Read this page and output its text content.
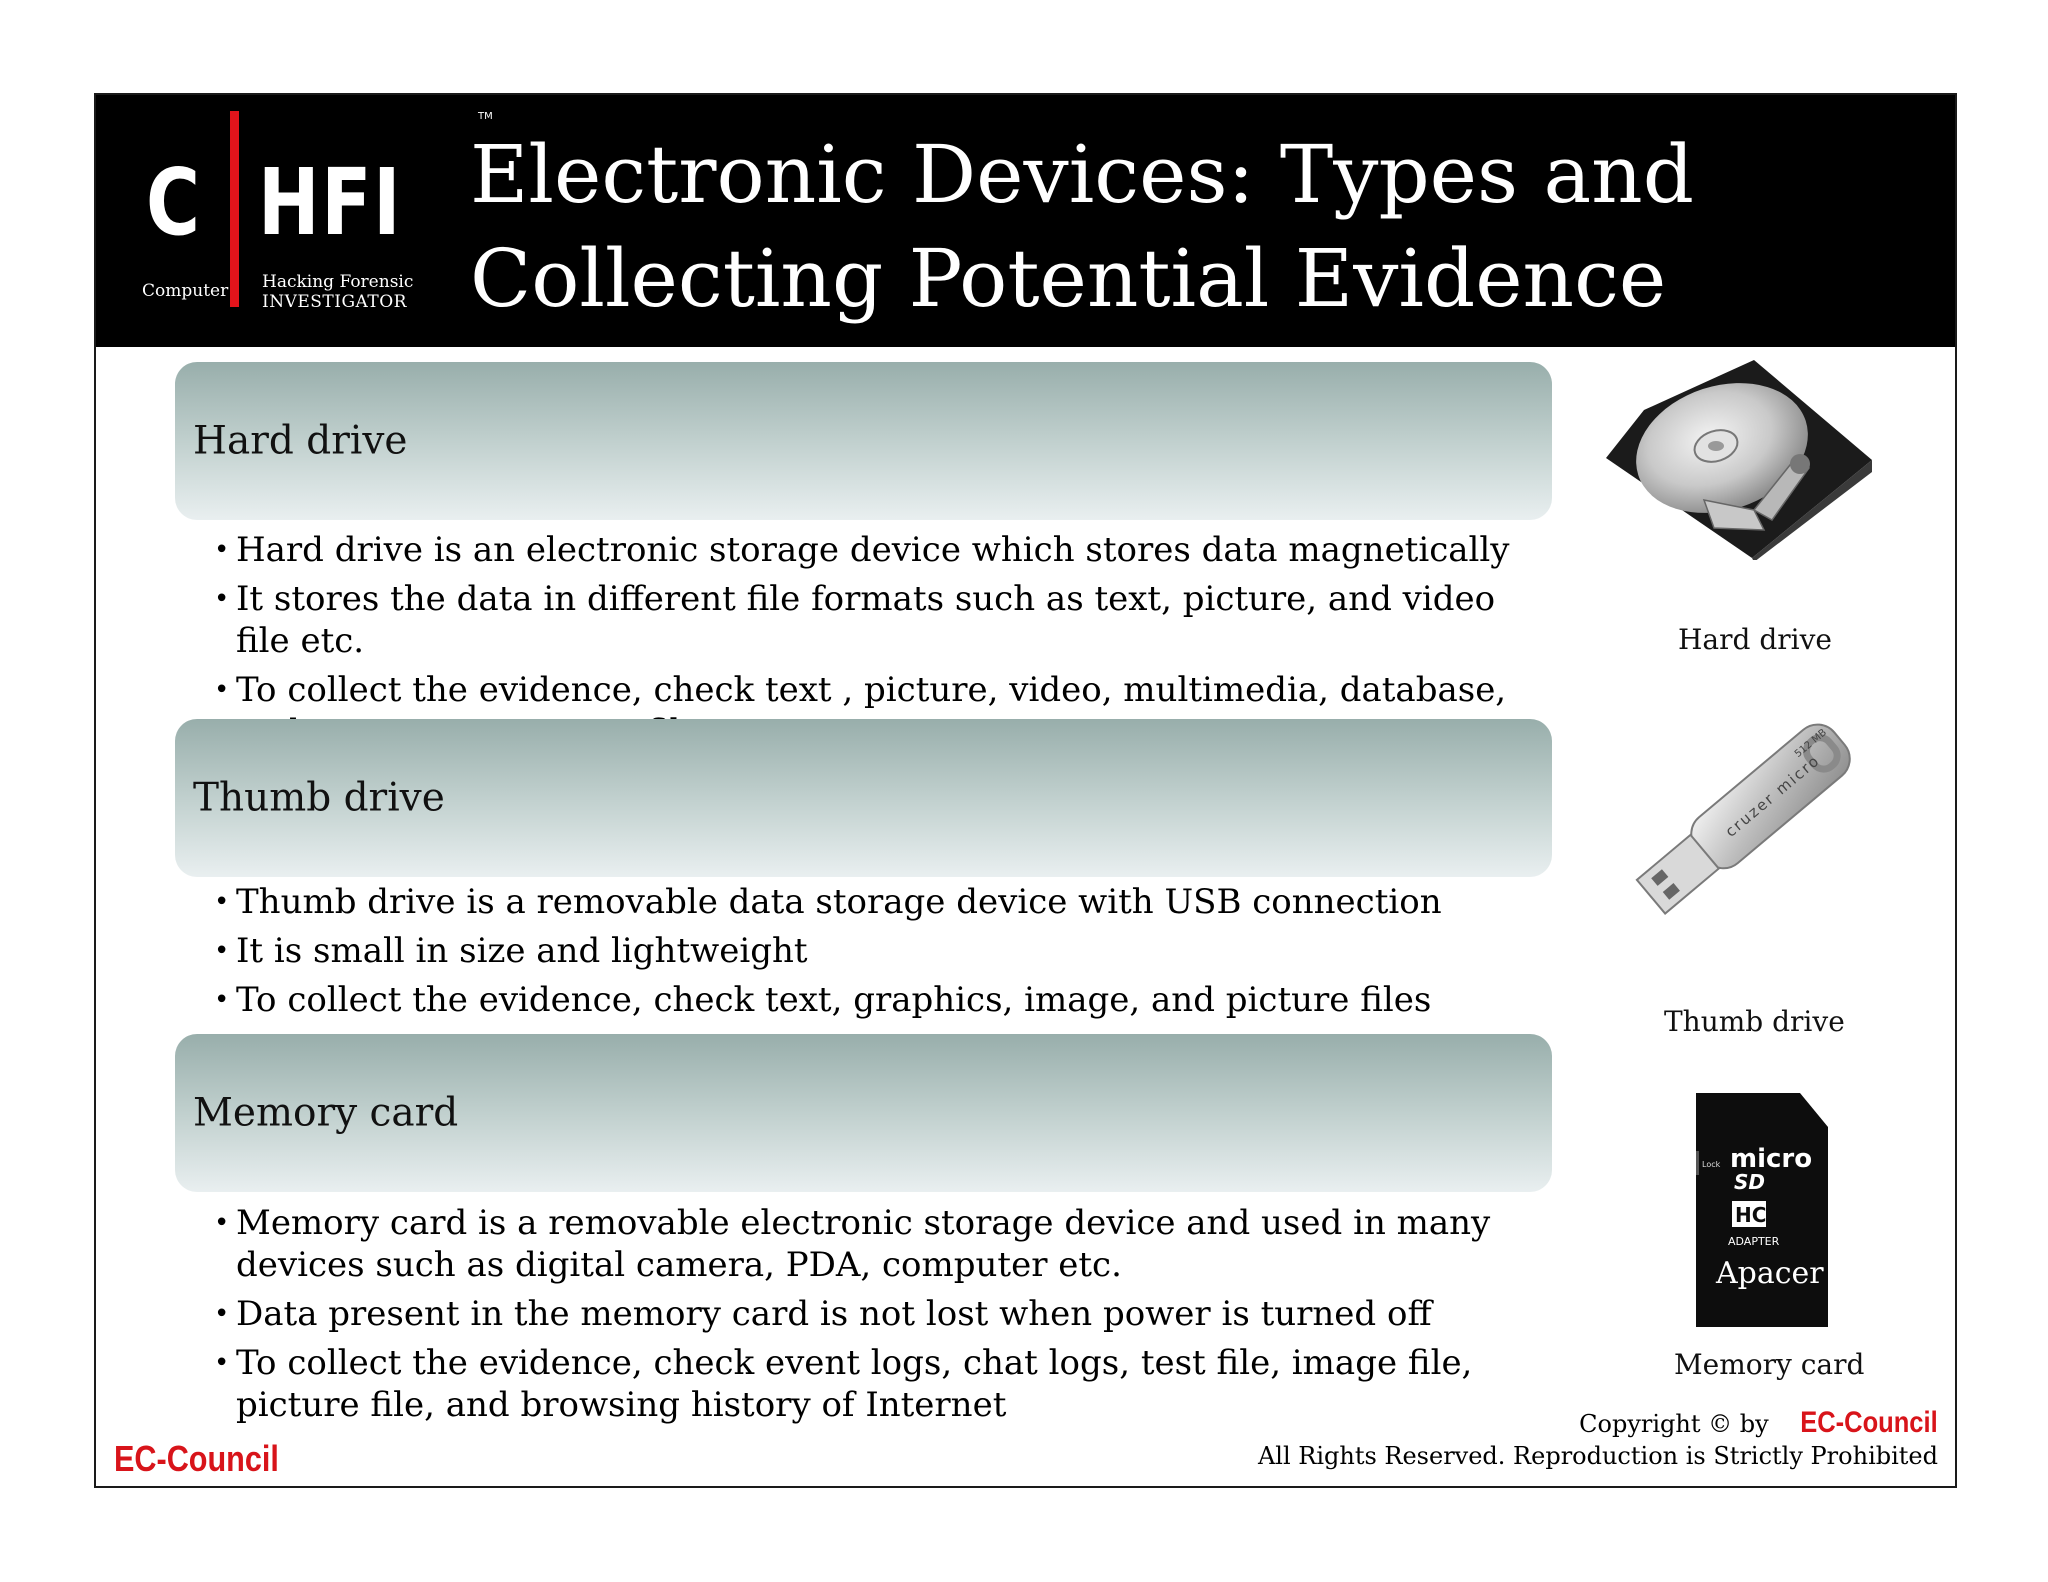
C HFI
TM
Computer Hacking Forensic
INVESTIGATOR
Electronic Devices: Types and
Collecting Potential Evidence
Hard drive
• Hard drive is an electronic storage device which stores data magnetically
• It stores the data in different file formats such as text, picture, and video file etc.
• To collect the evidence, check text , picture, video, multimedia, database,
Thumb drive
• Thumb drive is a removable data storage device with USB connection
• It is small in size and lightweight
• To collect the evidence, check text, graphics, image, and picture files
Memory card
• Memory card is a removable electronic storage device and used in many devices such as digital camera, PDA, computer etc.
• Data present in the memory card is not lost when power is turned off
• To collect the evidence, check event logs, chat logs, test file, image file, picture file, and browsing history of Internet
Hard drive
cruzer micro
512 MB
Thumb drive
Lock micro
SD
HC
ADAPTER
Apacer
Memory card
EC-Council
Copyright © by EC-Council
All Rights Reserved. Reproduction is Strictly Prohibited
